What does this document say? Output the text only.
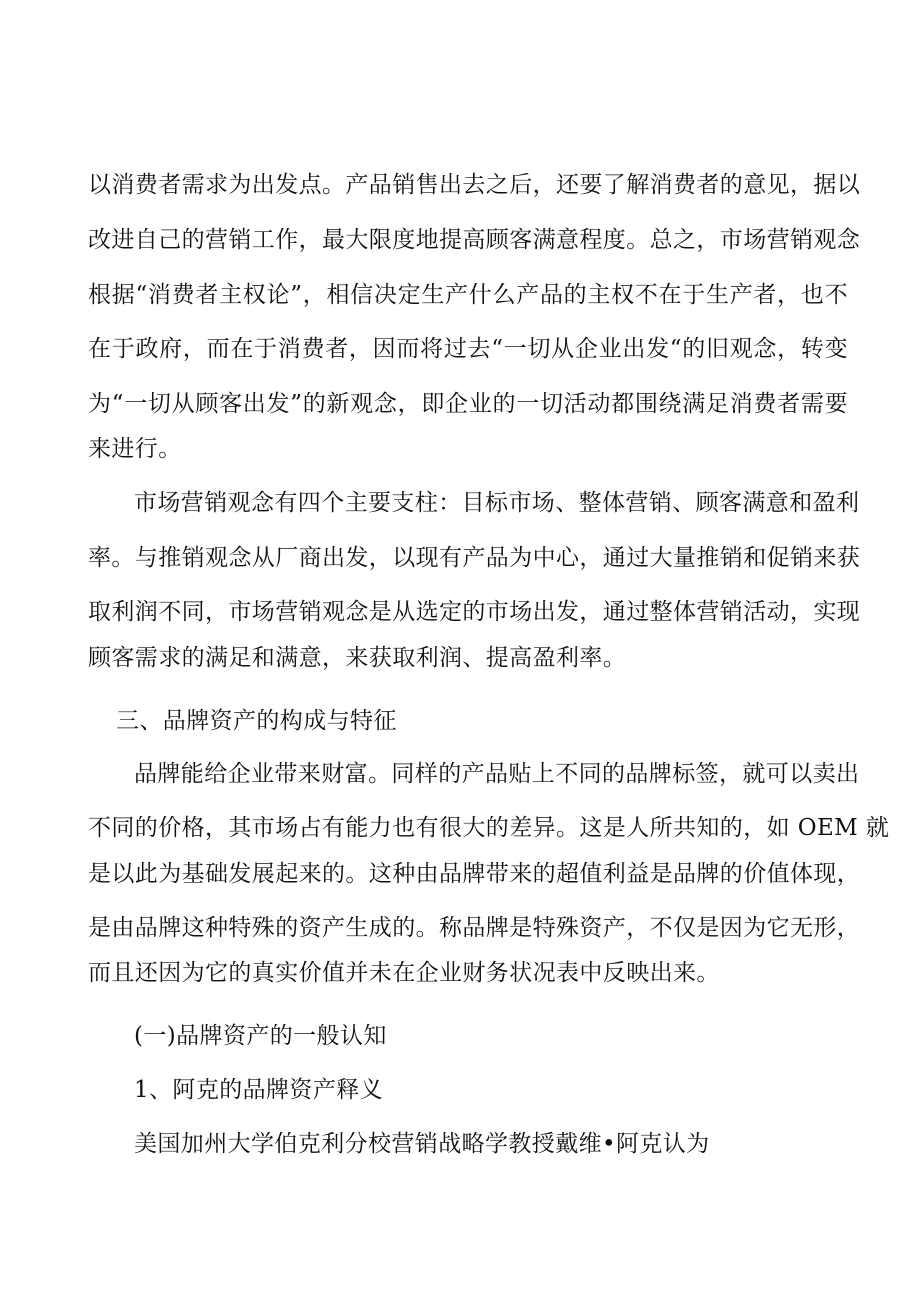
以消费者需求为出发点。产品销售出去之后，还要了解消费者的意见，据以
改进自己的营销工作，最大限度地提高顾客满意程度。总之，市场营销观念
根据“消费者主权论”，相信决定生产什么产品的主权不在于生产者，也不
在于政府，而在于消费者，因而将过去“一切从企业出发“的旧观念，转变
为“一切从顾客出发”的新观念，即企业的一切活动都围绕满足消费者需要
来进行。
市场营销观念有四个主要支柱：目标市场、整体营销、顾客满意和盈利
率。与推销观念从厂商出发，以现有产品为中心，通过大量推销和促销来获
取利润不同，市场营销观念是从选定的市场出发，通过整体营销活动，实现
顾客需求的满足和满意，来获取利润、提高盈利率。
三、品牌资产的构成与特征
品牌能给企业带来财富。同样的产品贴上不同的品牌标签，就可以卖出
不同的价格，其市场占有能力也有很大的差异。这是人所共知的，如 OEM 就
是以此为基础发展起来的。这种由品牌带来的超值利益是品牌的价值体现，
是由品牌这种特殊的资产生成的。称品牌是特殊资产，不仅是因为它无形，
而且还因为它的真实价值并未在企业财务状况表中反映出来。
(一)品牌资产的一般认知
1、阿克的品牌资产释义
美国加州大学伯克利分校营销战略学教授戴维•阿克认为
